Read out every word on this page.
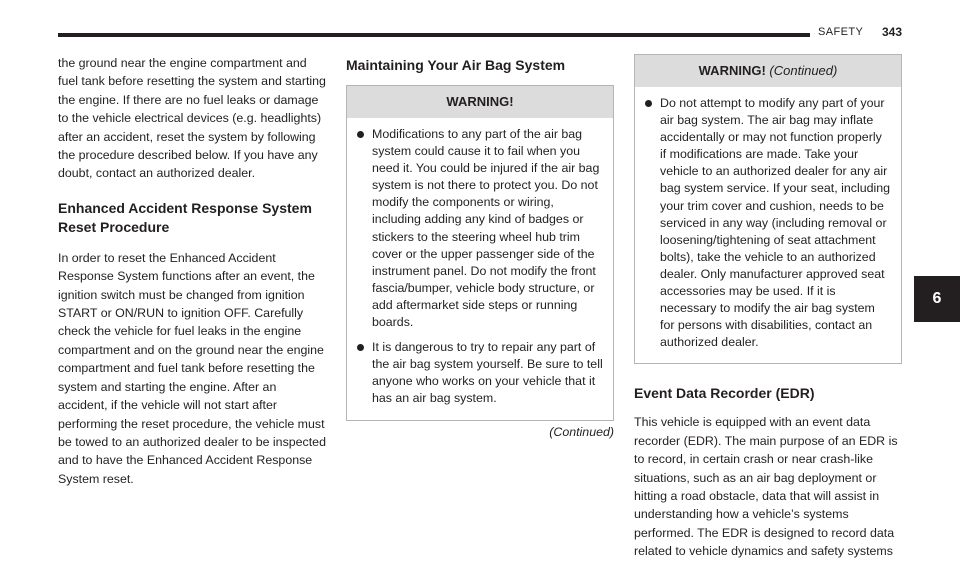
SAFETY	343

the ground near the engine compartment and fuel tank before resetting the system and starting the engine. If there are no fuel leaks or damage to the vehicle electrical devices (e.g. headlights) after an accident, reset the system by following the procedure described below. If you have any doubt, contact an authorized dealer.

Enhanced Accident Response System Reset Procedure

In order to reset the Enhanced Accident Response System functions after an event, the ignition switch must be changed from ignition START or ON/RUN to ignition OFF. Carefully check the vehicle for fuel leaks in the engine compartment and on the ground near the engine compartment and fuel tank before resetting the system and starting the engine. After an accident, if the vehicle will not start after performing the reset procedure, the vehicle must be towed to an authorized dealer to be inspected and to have the Enhanced Accident Response System reset.

Maintaining Your Air Bag System
WARNING!
Modifications to any part of the air bag system could cause it to fail when you need it. You could be injured if the air bag system is not there to protect you. Do not modify the components or wiring, including adding any kind of badges or stickers to the steering wheel hub trim cover or the upper passenger side of the instrument panel. Do not modify the front fascia/bumper, vehicle body structure, or add aftermarket side steps or running boards.
It is dangerous to try to repair any part of the air bag system yourself. Be sure to tell anyone who works on your vehicle that it has an air bag system.
(Continued)
WARNING! (Continued)
Do not attempt to modify any part of your air bag system. The air bag may inflate accidentally or may not function properly if modifications are made. Take your vehicle to an authorized dealer for any air bag system service. If your seat, including your trim cover and cushion, needs to be serviced in any way (including removal or loosening/tightening of seat attachment bolts), take the vehicle to an authorized dealer. Only manufacturer approved seat accessories may be used. If it is necessary to modify the air bag system for persons with disabilities, contact an authorized dealer.
Event Data Recorder (EDR)

This vehicle is equipped with an event data recorder (EDR). The main purpose of an EDR is to record, in certain crash or near crash-like situations, such as an air bag deployment or hitting a road obstacle, data that will assist in understanding how a vehicle’s systems performed. The EDR is designed to record data related to vehicle dynamics and safety systems

6
